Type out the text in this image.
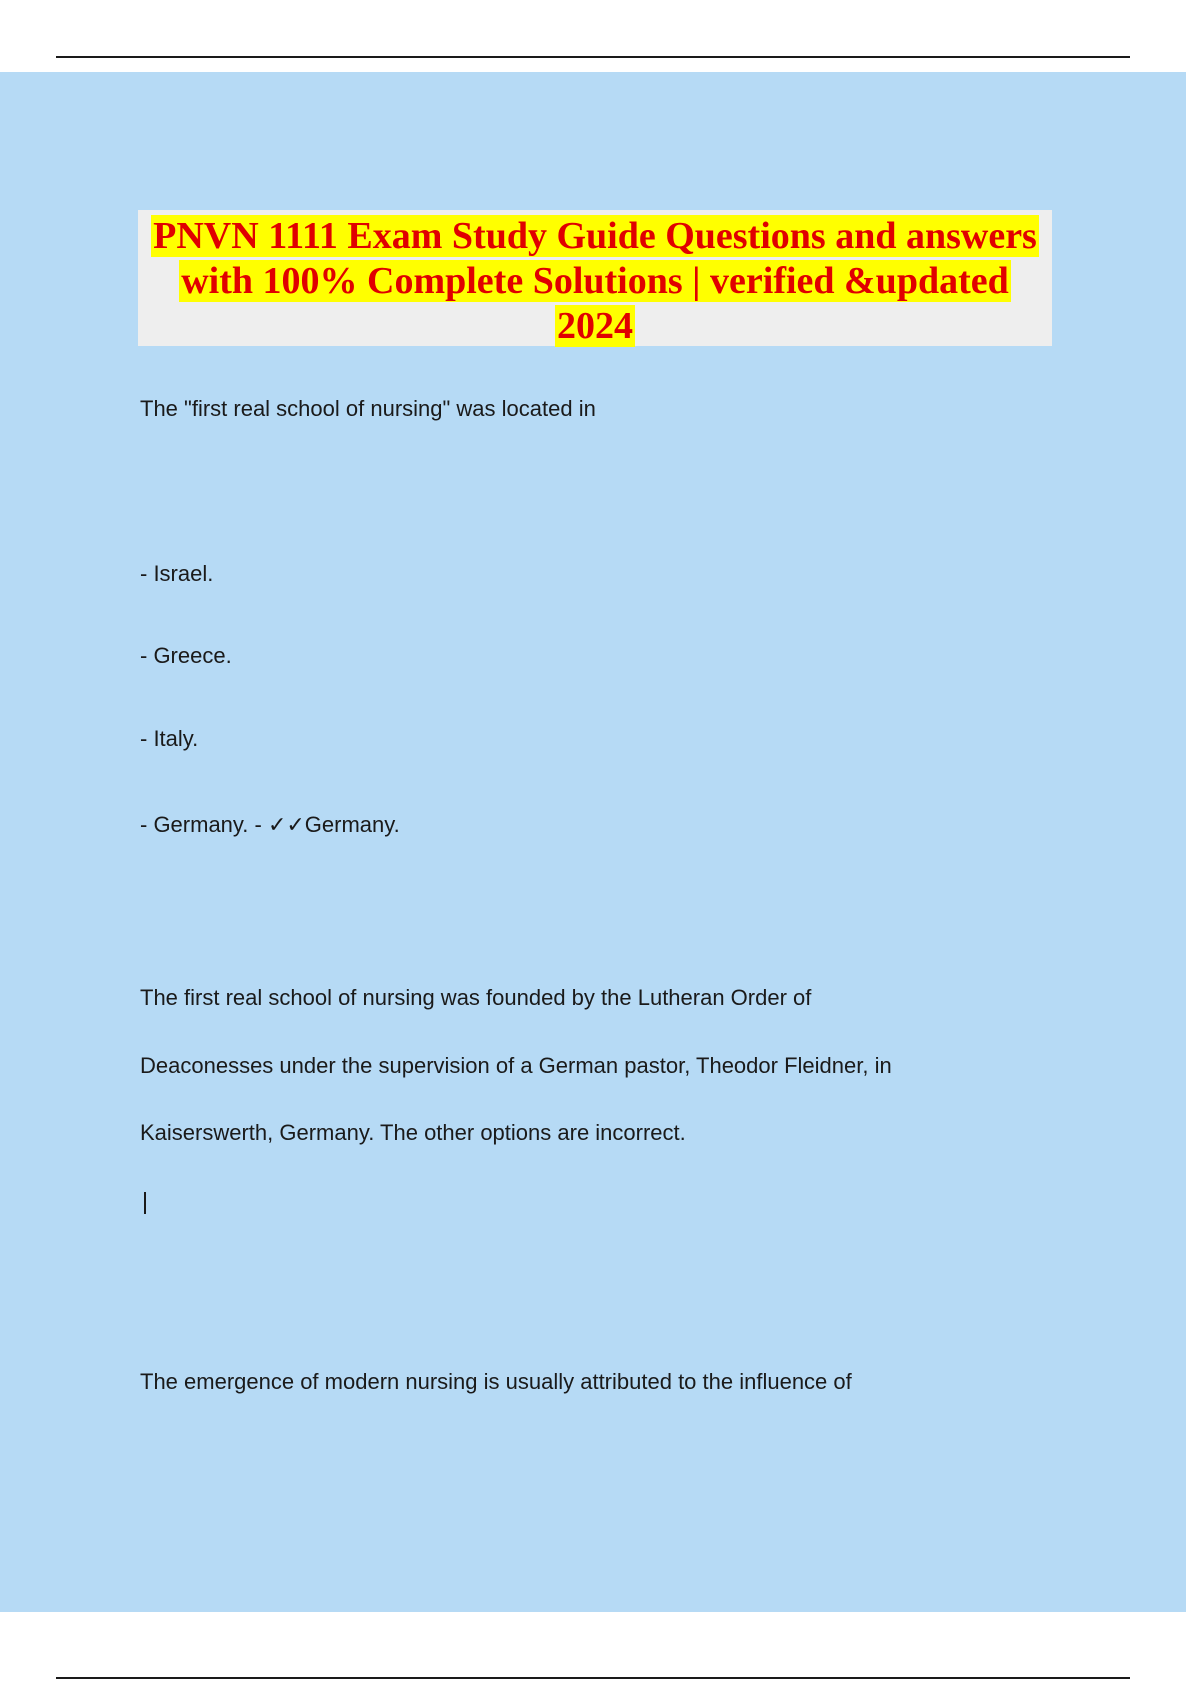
PNVN 1111 Exam Study Guide Questions and answers
with 100% Complete Solutions | verified &updated
2024
The "first real school of nursing" was located in
- Israel.
- Greece.
- Italy.
- Germany. - ✓✓Germany.
The first real school of nursing was founded by the Lutheran Order of
Deaconesses under the supervision of a German pastor, Theodor Fleidner, in
Kaiserswerth, Germany. The other options are incorrect.
The emergence of modern nursing is usually attributed to the influence of
